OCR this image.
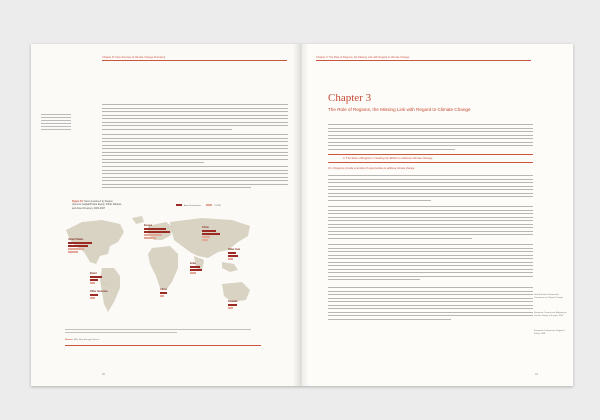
Chapter III: New Sources of Climate Change Financing
Figure 10: New Investment by Region (Venture Capital/Private Equity, Public Markets and Asset Finance), 2004-2007
Asset Investment	VC/PE
United States
Europe
China
India
Brazil
Other Asia
Other Americas
Africa
Oceania
Source: SEF, New Energy Finance
30
Chapter 3: The Role of Regions, the Missing Link with Regard to Climate Change
Chapter 3
The Role of Regions, the Missing Link with Regard to Climate Change
3. The Role of Regions in Scaling Up Efforts to Address Climate Change
3.1.1 Regions provide a number of opportunities to address climate change
United Nations Framework Convention on Climate Change
European Commission, Adapting to climate change in Europe, 2007
European Commission, Regional Policy, 2008
43
